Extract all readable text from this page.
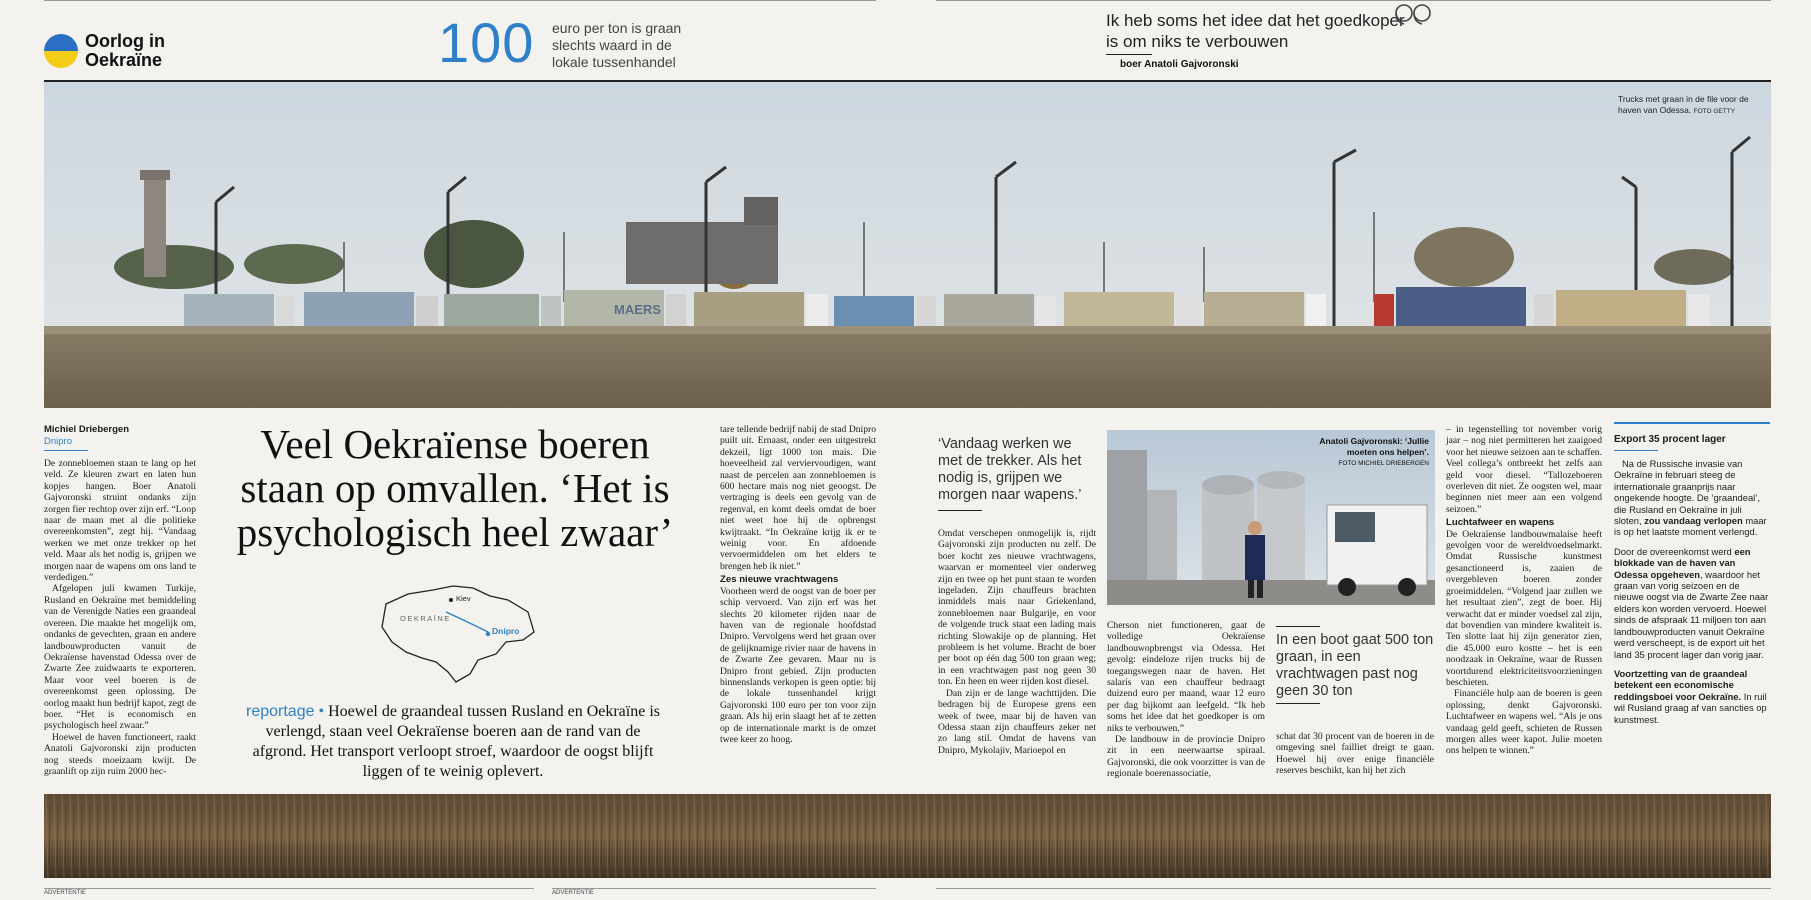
Oorlog in Oekraïne	100 euro per ton is graan slechts waard in de lokale tussenhandel
Ik heb soms het idee dat het goedkoper is om niks te verbouwen
boer Anatoli Gajvoronski
MAERS
Trucks met graan in de file voor de haven van Odessa. FOTO GETTY
Michiel Driebergen
Dnipro

De zonnebloemen staan te lang op het veld. Ze kleuren zwart en laten hun kopjes hangen. Boer Anatoli Gajvoronski struint ondanks zijn zorgen fier rechtop over zijn erf. “Loop naar de maan met al die politieke overeenkomsten”, zegt hij. “Vandaag werken we met onze trekker op het veld. Maar als het nodig is, grijpen we morgen naar de wapens om ons land te verdedigen.”

Afgelopen juli kwamen Turkije, Rusland en Oekraïne met bemiddeling van de Verenigde Naties een graandeal overeen. Die maakte het mogelijk om, ondanks de gevechten, graan en andere landbouwproducten vanuit de Oekraïense havenstad Odessa over de Zwarte Zee zuidwaarts te exporteren. Maar voor veel boeren is de overeenkomst geen oplossing. De oorlog maakt hun bedrijf kapot, zegt de boer. “Het is economisch en psychologisch heel zwaar.”

Hoewel de haven functioneert, raakt Anatoli Gajvoronski zijn producten nog steeds moeizaam kwijt. De graanlift op zijn ruim 2000 hec-

Veel Oekraïense boeren staan op omvallen. ‘Het is psychologisch heel zwaar’
Kiev
OEKRAÏNE
Dnipro
reportage • Hoewel de graandeal tussen Rusland en Oekraïne is verlengd, staan veel Oekraïense boeren aan de rand van de afgrond. Het transport verloopt stroef, waardoor de oogst blijft liggen of te weinig oplevert.

tare tellende bedrijf nabij de stad Dnipro puilt uit. Ernaast, onder een uitgestrekt dekzeil, ligt 1000 ton mais. Die hoeveelheid zal verviervoudigen, want naast de percelen aan zonnebloemen is 600 hectare mais nog niet geoogst. De vertraging is deels een gevolg van de regenval, en komt deels omdat de boer niet weet hoe hij de opbrengst kwijtraakt. “In Oekraïne krijg ik er te weinig voor. En afdoende vervoermiddelen om het elders te brengen heb ik niet.”

Zes nieuwe vrachtwagens

Voorheen werd de oogst van de boer per schip vervoerd. Van zijn erf was het slechts 20 kilometer rijden naar de haven van de regionale hoofdstad Dnipro. Vervolgens werd het graan over de gelijknamige rivier naar de havens in de Zwarte Zee gevaren. Maar nu is Dnipro front gebied. Zijn producten binnenslands verkopen is geen optie: bij de lokale tussenhandel krijgt Gajvoronski 100 euro per ton voor zijn graan. Als hij erin slaagt het af te zetten op de internationale markt is de omzet twee keer zo hoog.

‘Vandaag werken we met de trekker. Als het nodig is, grijpen we morgen naar wapens.’

Omdat verschepen onmogelijk is, rijdt Gajvoronski zijn producten nu zelf. De boer kocht zes nieuwe vrachtwagens, waarvan er momenteel vier onderweg zijn en twee op het punt staan te worden ingeladen. Zijn chauffeurs brachten inmiddels mais naar Griekenland, zonnebloemen naar Bulgarije, en voor de volgende truck staat een lading mais richting Slowakije op de planning. Het probleem is het volume. Bracht de boer per boot op één dag 500 ton graan weg; in een vrachtwagen past nog geen 30 ton. En heen en weer rijden kost diesel.

Dan zijn er de lange wachttijden. Die bedragen bij de Europese grens een week of twee, maar bij de haven van Odessa staan zijn chauffeurs zeker net zo lang stil. Omdat de havens van Dnipro, Mykolajiv, Marioepol en

Anatoli Gajvoronski: ‘Jullie moeten ons helpen’.
FOTO MICHIEL DRIEBERGEN

Cherson niet functioneren, gaat de volledige Oekraïense landbouwopbrengst via Odessa. Het gevolg: eindeloze rijen trucks bij de toegangswegen naar de haven. Het salaris van een chauffeur bedraagt duizend euro per maand, waar 12 euro per dag bijkomt aan leefgeld. “Ik heb soms het idee dat het goedkoper is om niks te verbouwen.”

De landbouw in de provincie Dnipro zit in een neerwaartse spiraal. Gajvoronski, die ook voorzitter is van de regionale boerenassociatie,

In een boot gaat 500 ton graan, in een vrachtwagen past nog geen 30 ton

schat dat 30 procent van de boeren in de omgeving snel failliet dreigt te gaan. Hoewel hij over enige financiële reserves beschikt, kan hij het zich

– in tegenstelling tot november vorig jaar – nog niet permitteren het zaaigoed voor het nieuwe seizoen aan te schaffen. Veel collega’s ontbreekt het zelfs aan geld voor diesel. “Tallozeboeren overleven dit niet. Ze oogsten wel, maar beginnen niet meer aan een volgend seizoen.”

Luchtafweer en wapens

De Oekraïense landbouwmalaise heeft gevolgen voor de wereldvoedselmarkt. Omdat Russische kunstmest gesanctioneerd is, zaaien de overgebleven boeren zonder groeimiddelen. “Volgend jaar zullen we het resultaat zien”, zegt de boer. Hij verwacht dat er minder voedsel zal zijn, dat bovendien van mindere kwaliteit is. Ten slotte laat hij zijn generator zien, die 45.000 euro kostte – het is een noodzaak in Oekraïne, waar de Russen voortdurend elektriciteitsvoorzieningen beschieten.

Financiële hulp aan de boeren is geen oplossing, denkt Gajvoronski. Luchtafweer en wapens wel. “Als je ons vandaag geld geeft, schieten de Russen morgen alles weer kapot. Julie moeten ons helpen te winnen.”

Export 35 procent lager

Na de Russische invasie van Oekraïne in februari steeg de internationale graanprijs naar ongekende hoogte. De ‘graandeal’, die Rusland en Oekraïne in juli sloten, zou vandaag verlopen maar is op het laatste moment verlengd.

Door de overeenkomst werd een blokkade van de haven van Odessa opgeheven, waardoor het graan van vorig seizoen en de nieuwe oogst via de Zwarte Zee naar elders kon worden vervoerd. Hoewel sinds de afspraak 11 miljoen ton aan landbouwproducten vanuit Oekraïne werd verscheept, is de export uit het land 35 procent lager dan vorig jaar.

Voortzetting van de graandeal betekent een economische reddingsboei voor Oekraïne. In ruil wil Rusland graag af van sancties op kunstmest.

ADVERTENTIE	ADVERTENTIE
